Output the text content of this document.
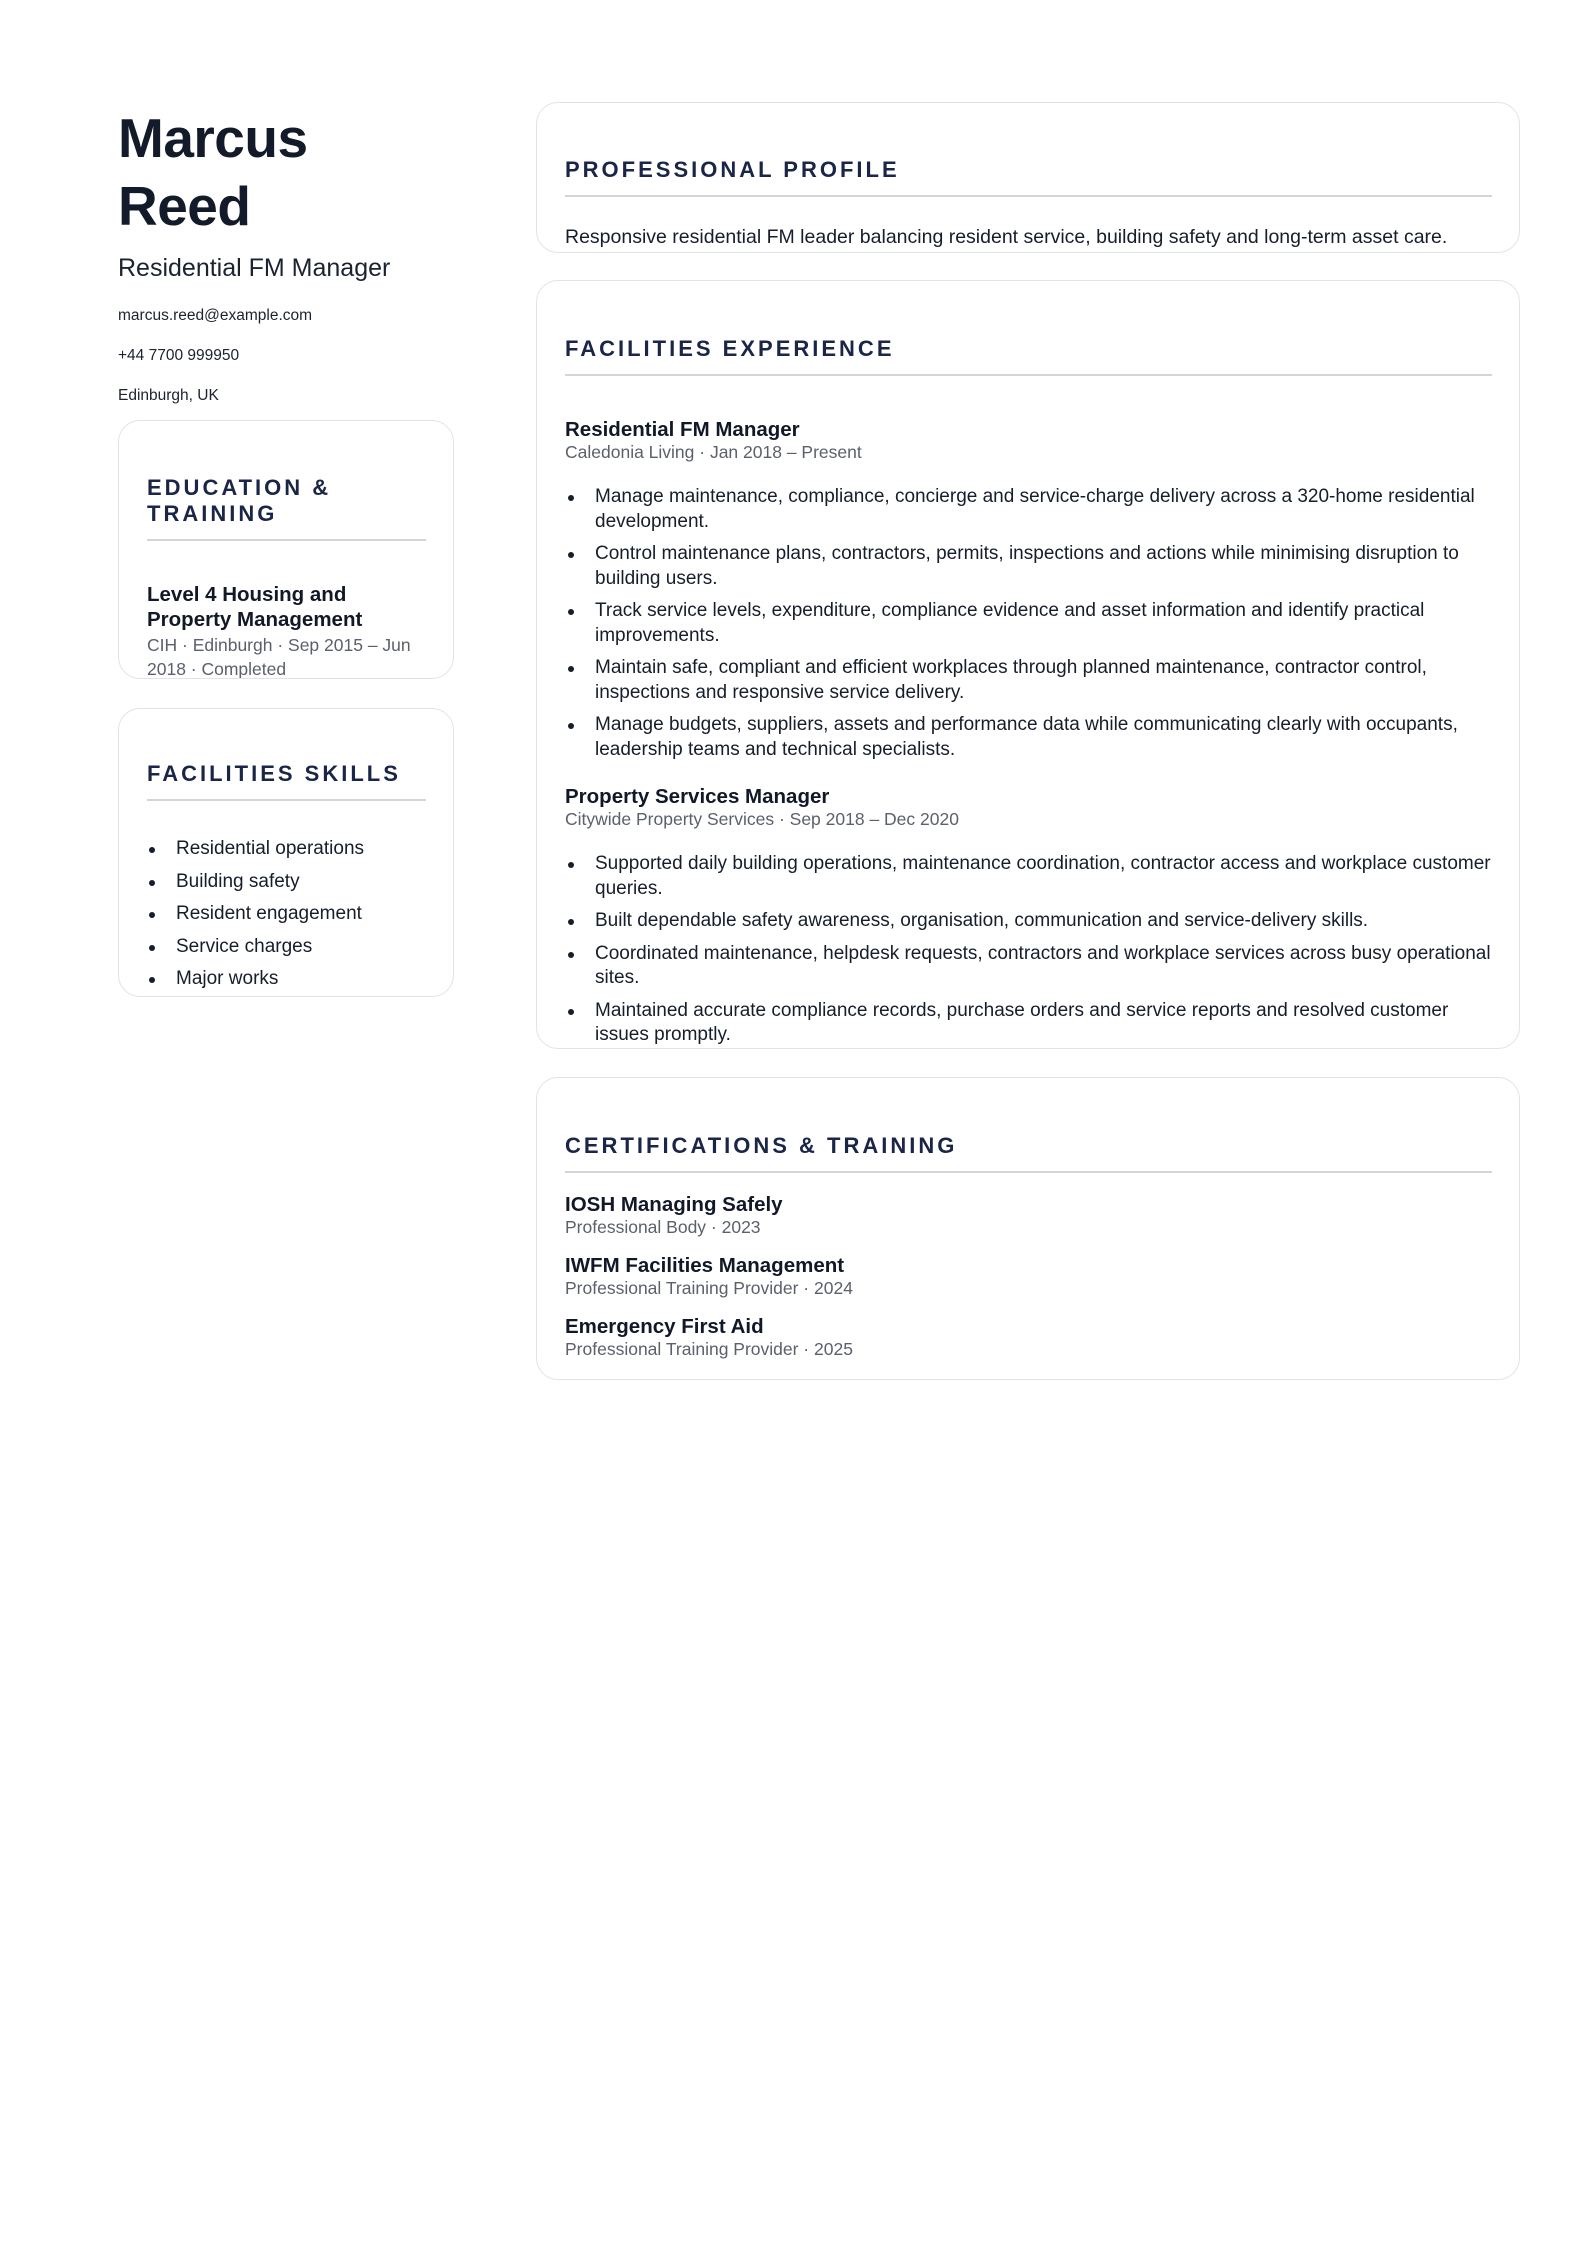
Marcus Reed
Residential FM Manager
marcus.reed@example.com
+44 7700 999950
Edinburgh, UK
EDUCATION & TRAINING
Level 4 Housing and Property Management
CIH · Edinburgh · Sep 2015 – Jun 2018 · Completed
FACILITIES SKILLS
Residential operations
Building safety
Resident engagement
Service charges
Major works
PROFESSIONAL PROFILE
Responsive residential FM leader balancing resident service, building safety and long-term asset care.
FACILITIES EXPERIENCE
Residential FM Manager
Caledonia Living · Jan 2018 – Present
Manage maintenance, compliance, concierge and service-charge delivery across a 320-home residential development.
Control maintenance plans, contractors, permits, inspections and actions while minimising disruption to building users.
Track service levels, expenditure, compliance evidence and asset information and identify practical improvements.
Maintain safe, compliant and efficient workplaces through planned maintenance, contractor control, inspections and responsive service delivery.
Manage budgets, suppliers, assets and performance data while communicating clearly with occupants, leadership teams and technical specialists.
Property Services Manager
Citywide Property Services · Sep 2018 – Dec 2020
Supported daily building operations, maintenance coordination, contractor access and workplace customer queries.
Built dependable safety awareness, organisation, communication and service-delivery skills.
Coordinated maintenance, helpdesk requests, contractors and workplace services across busy operational sites.
Maintained accurate compliance records, purchase orders and service reports and resolved customer issues promptly.
CERTIFICATIONS & TRAINING
IOSH Managing Safely
Professional Body · 2023
IWFM Facilities Management
Professional Training Provider · 2024
Emergency First Aid
Professional Training Provider · 2025
